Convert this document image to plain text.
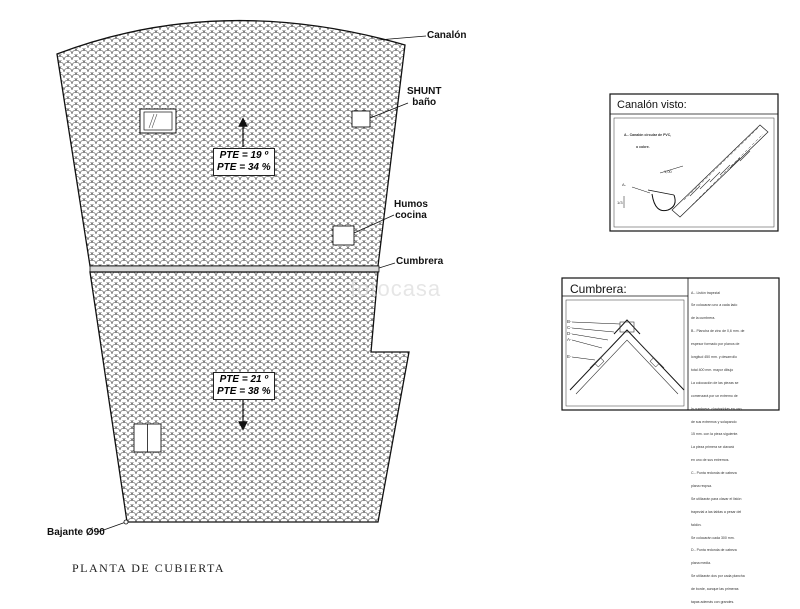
Canalón
SHUNT
baño
Humos
cocina
Cumbrera
Bajante Ø90
PTE = 19 º
PTE = 34 %
PTE = 21 º
PTE = 38 %
fotocasa
PLANTA DE CUBIERTA
Canalón visto:

A.- Canalón circular de PVC,

o cobre.

A-
1,00
1/3
Cumbrera:
B-
C-
D-
A-
E-

A.- Listón trapezial

Se colocaran uno a cada lado

de la cumbrera.

B.- Plancha de zinc de 0,6 mm. de

espesor formado por planos de

longitud 450 mm. y desarrollo

total 400 mm. mayor dibujo

La colocación de las piezas se

comenzará por un extremo de

la cumbrera, clavándolas en uno

de sus extremos y solapando

15 mm. con la pieza siguiente.

La pieza primera se clavará

en uno de sus extremos.

C.- Punta redonda de cabeza

plana recpsa.

Se utilizarán para clavar el listón

trapezial a las tablas a pesar del

faldón.

Se colocarán cada 300 mm.

D.- Punta redonda de cabeza

plana media.

Se utilizarán dos por cada plancha

de borde, aunque las primeras

tapas además con grandes.
